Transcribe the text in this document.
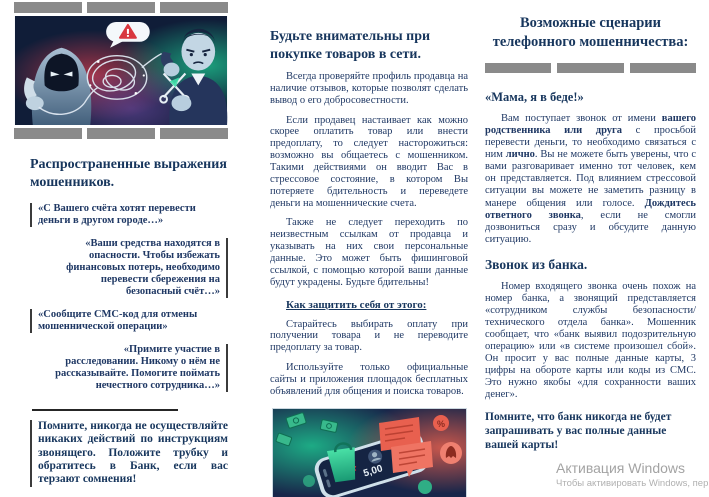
Распространенные выражения мошенников.
«С Вашего счёта хотят перевести деньги в другом городе…»
«Ваши средства находятся в опасности. Чтобы избежать финансовых потерь, необходимо перевести сбережения на безопасный счёт…»
«Сообщите СМС-код для отмены мошеннической операции»
«Примите участие в расследовании. Никому о нём не рассказывайте. Помогите поймать нечестного сотрудника…»
Помните, никогда не осуществляйте никаких действий по инструкциям звонящего. Положите трубку и обратитесь в Банк, если вас терзают сомнения!
Будьте внимательны при покупке товаров в сети.
Всегда проверяйте профиль продавца на наличие отзывов, которые позволят сделать вывод о его добросовестности.
Если продавец настаивает как можно скорее оплатить товар или внести предоплату, то следует насторожиться: возможно вы общаетесь с мошенником. Такими действиями он вводит Вас в стрессовое состояние, в котором Вы потеряете бдительность и переведете деньги на мошеннические счета.
Также не следует переходить по неизвестным ссылкам от продавца и указывать на них свои персональные данные. Это может быть фишинговой ссылкой, с помощью которой ваши данные будут украдены. Будьте бдительны!
Как защитить себя от этого:
Старайтесь выбирать оплату при получении товара и не переводите предоплату за товар.
Используйте только официальные сайты и приложения площадок бесплатных объявлений для общения и поиска товаров.
5,00
%
Возможные сценарии телефонного мошенничества:
«Мама, я в беде!»
Вам поступает звонок от имени вашего родственника или друга с просьбой перевести деньги, то необходимо связаться с ним лично. Вы не можете быть уверены, что с вами разговаривает именно тот человек, кем он представляется. Под влиянием стрессовой ситуации вы можете не заметить разницу в манере общения или голосе. Дождитесь ответного звонка, если не смогли дозвониться сразу и обсудите данную ситуацию.
Звонок из банка.
Номер входящего звонка очень похож на номер банка, а звонящий представляется «сотрудником службы безопасности/ технического отдела банка». Мошенник сообщает, что «банк выявил подозрительную операцию» или «в системе произошел сбой». Он просит у вас полные данные карты, 3 цифры на обороте карты или коды из СМС. Это нужно якобы «для сохранности ваших денег».
Помните, что банк никогда не будет запрашивать у вас полные данные вашей карты!
Активация Windows
Чтобы активировать Windows, пер
